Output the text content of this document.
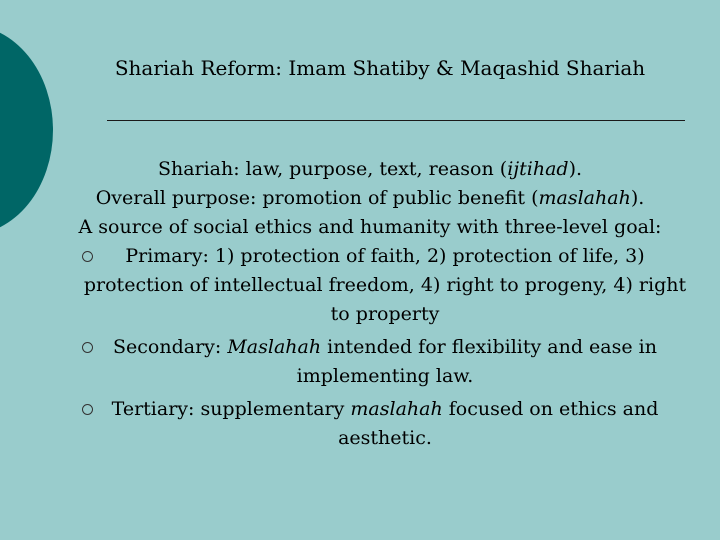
Shariah Reform: Imam Shatiby & Maqashid Shariah
Shariah: law, purpose, text, reason (ijtihad).
Overall purpose: promotion of public benefit (maslahah).
A source of social ethics and humanity with three-level goal:
Primary: 1) protection of faith, 2) protection of life, 3) protection of intellectual freedom, 4) right to progeny, 4) right to property
Secondary: Maslahah intended for flexibility and ease in implementing law.
Tertiary: supplementary maslahah focused on ethics and aesthetic.
